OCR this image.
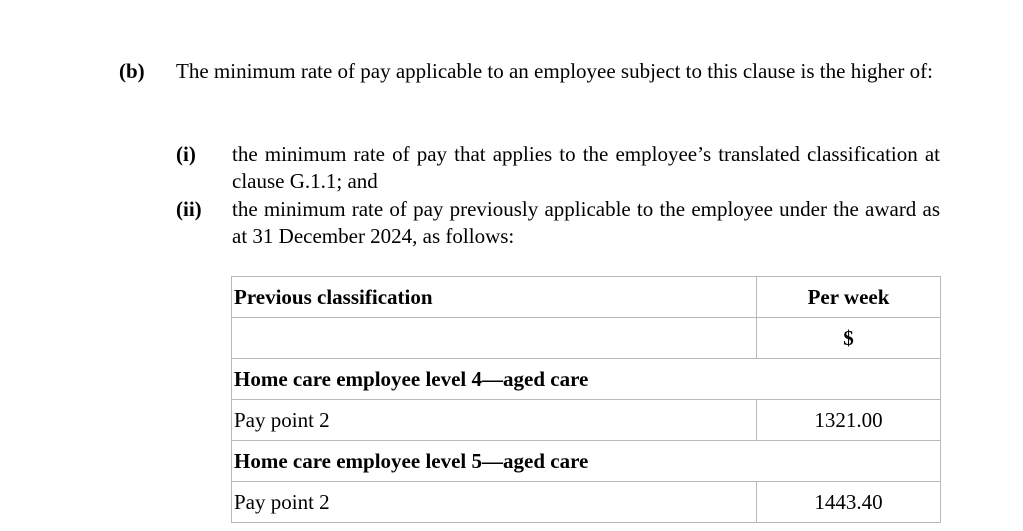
(b) The minimum rate of pay applicable to an employee subject to this clause is the higher of:
(i) the minimum rate of pay that applies to the employee’s translated classification at clause G.1.1; and
(ii) the minimum rate of pay previously applicable to the employee under the award as at 31 December 2024, as follows:
Previous classification	Per week
	$
Home care employee level 4—aged care	
Pay point 2	1321.00
Home care employee level 5—aged care	
Pay point 2	1443.40
